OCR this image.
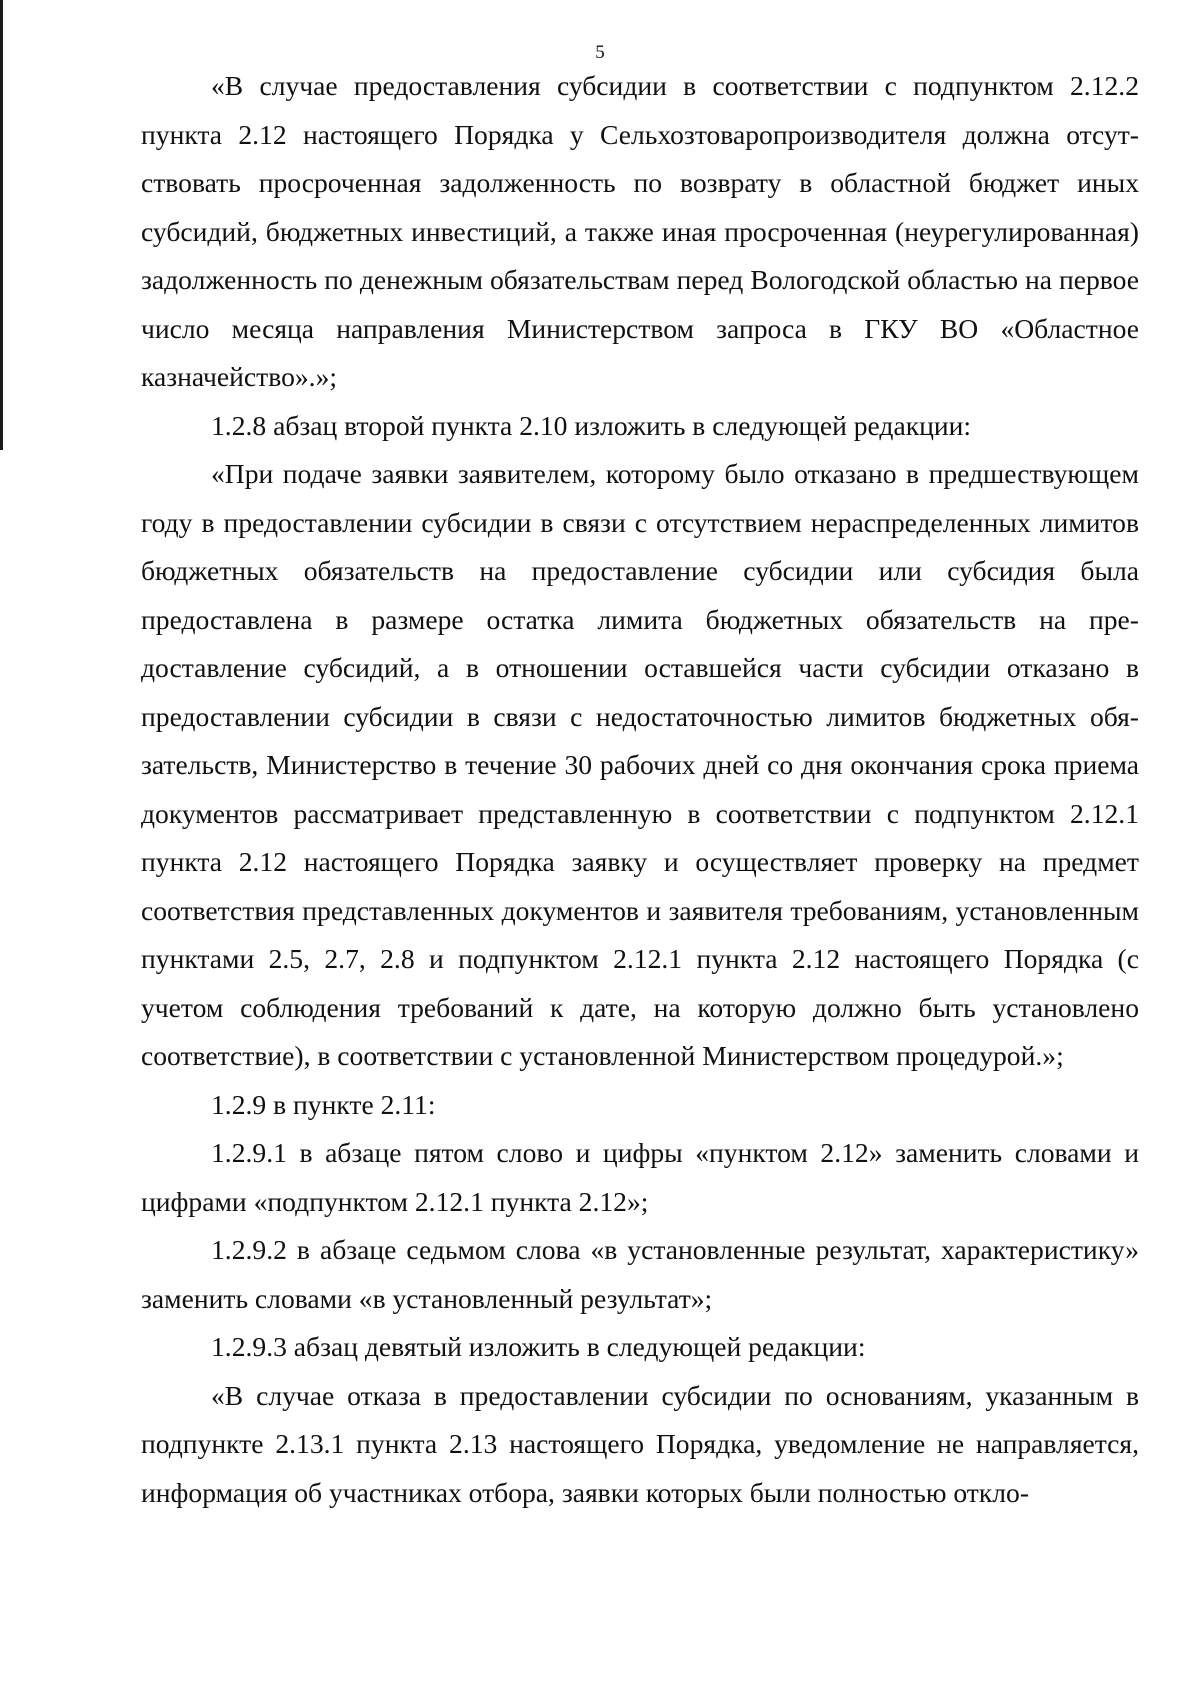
5

«В случае предоставления субсидии в соответствии с подпунктом 2.12.2 пункта 2.12 настоящего Порядка у Сельхозтоваропроизводителя должна отсутствовать просроченная задолженность по возврату в областной бюджет иных субсидий, бюджетных инвестиций, а также иная просроченная (неурегулированная) задолженность по денежным обязательствам перед Вологодской областью на первое число месяца направления Министерством запроса в ГКУ ВО «Областное казначейство».»;

1.2.8 абзац второй пункта 2.10 изложить в следующей редакции:

«При подаче заявки заявителем, которому было отказано в предшествующем году в предоставлении субсидии в связи с отсутствием нераспределенных лимитов бюджетных обязательств на предоставление субсидии или субсидия была предоставлена в размере остатка лимита бюджетных обязательств на предоставление субсидий, а в отношении оставшейся части субсидии отказано в предоставлении субсидии в связи с недостаточностью лимитов бюджетных обязательств, Министерство в течение 30 рабочих дней со дня окончания срока приема документов рассматривает представленную в соответствии с подпунктом 2.12.1 пункта 2.12 настоящего Порядка заявку и осуществляет проверку на предмет соответствия представленных документов и заявителя требованиям, установленным пунктами 2.5, 2.7, 2.8 и подпунктом 2.12.1 пункта 2.12 настоящего Порядка (с учетом соблюдения требований к дате, на которую должно быть установлено соответствие), в соответствии с установленной Министерством процедурой.»;

1.2.9 в пункте 2.11:

1.2.9.1 в абзаце пятом слово и цифры «пунктом 2.12» заменить словами и цифрами «подпунктом 2.12.1 пункта 2.12»;

1.2.9.2 в абзаце седьмом слова «в установленные результат, характеристику» заменить словами «в установленный результат»;

1.2.9.3 абзац девятый изложить в следующей редакции:

«В случае отказа в предоставлении субсидии по основаниям, указанным в подпункте 2.13.1 пункта 2.13 настоящего Порядка, уведомление не направляется, информация об участниках отбора, заявки которых были полностью откло-
